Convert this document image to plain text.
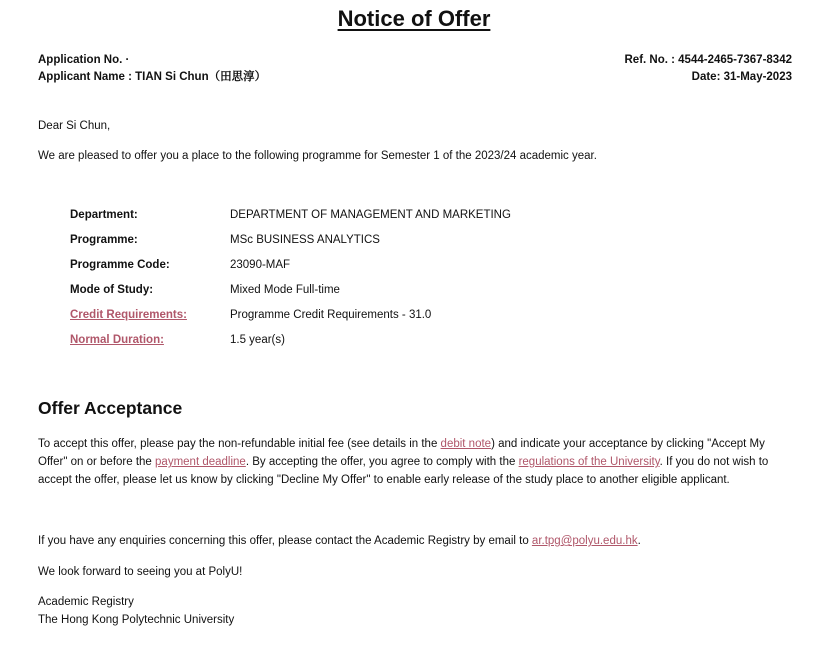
Notice of Offer
Application No. ·
Applicant Name : TIAN Si Chun（田思淳）
Ref. No. : 4544-2465-7367-8342
Date: 31-May-2023

Dear Si Chun,

We are pleased to offer you a place to the following programme for Semester 1 of the 2023/24 academic year.

Department:	DEPARTMENT OF MANAGEMENT AND MARKETING
Programme:	MSc BUSINESS ANALYTICS
Programme Code:	23090-MAF
Mode of Study:	Mixed Mode Full-time
Credit Requirements:	Programme Credit Requirements - 31.0
Normal Duration:	1.5 year(s)
Offer Acceptance

To accept this offer, please pay the non-refundable initial fee (see details in the debit note) and indicate your acceptance by clicking "Accept My Offer" on or before the payment deadline. By accepting the offer, you agree to comply with the regulations of the University. If you do not wish to accept the offer, please let us know by clicking "Decline My Offer" to enable early release of the study place to another eligible applicant.

If you have any enquiries concerning this offer, please contact the Academic Registry by email to ar.tpg@polyu.edu.hk.

We look forward to seeing you at PolyU!

Academic Registry
The Hong Kong Polytechnic University
